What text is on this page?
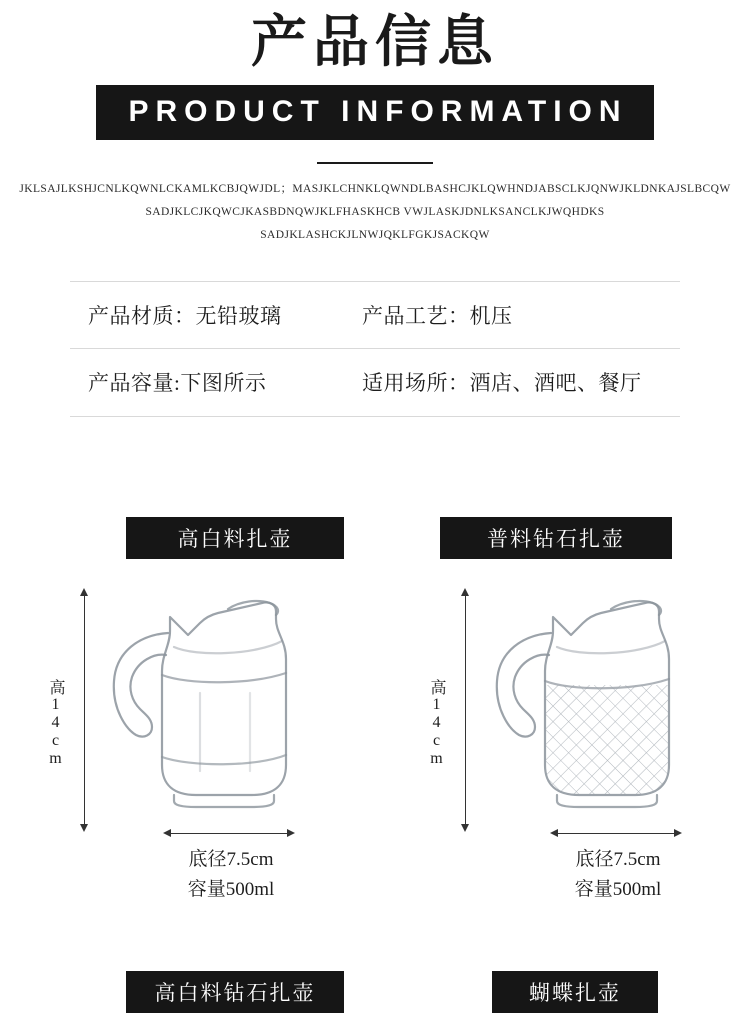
产品信息
PRODUCT INFORMATION
JKLSAJLKSHJCNLKQWNLCKAMLKCBJQWJDL；MASJKLCHNKLQWNDLBASHCJKLQWHNDJABSCLKJQNWJKLDNKAJSLBCQW
SADJKLCJKQWCJKASBDNQWJKLFHASKHCB VWJLASKJDNLKSANCLKJWQHDKS
SADJKLASHCKJLNWJQKLFGKJSACKQW
产品材质：无铅玻璃	产品工艺：机压
产品容量:下图所示	适用场所：酒店、酒吧、餐厅
高白料扎壶	普料钻石扎壶
高14cm
底径7.5cm
容量500ml
高14cm
底径7.5cm
容量500ml
高白料钻石扎壶	蝴蝶扎壶
